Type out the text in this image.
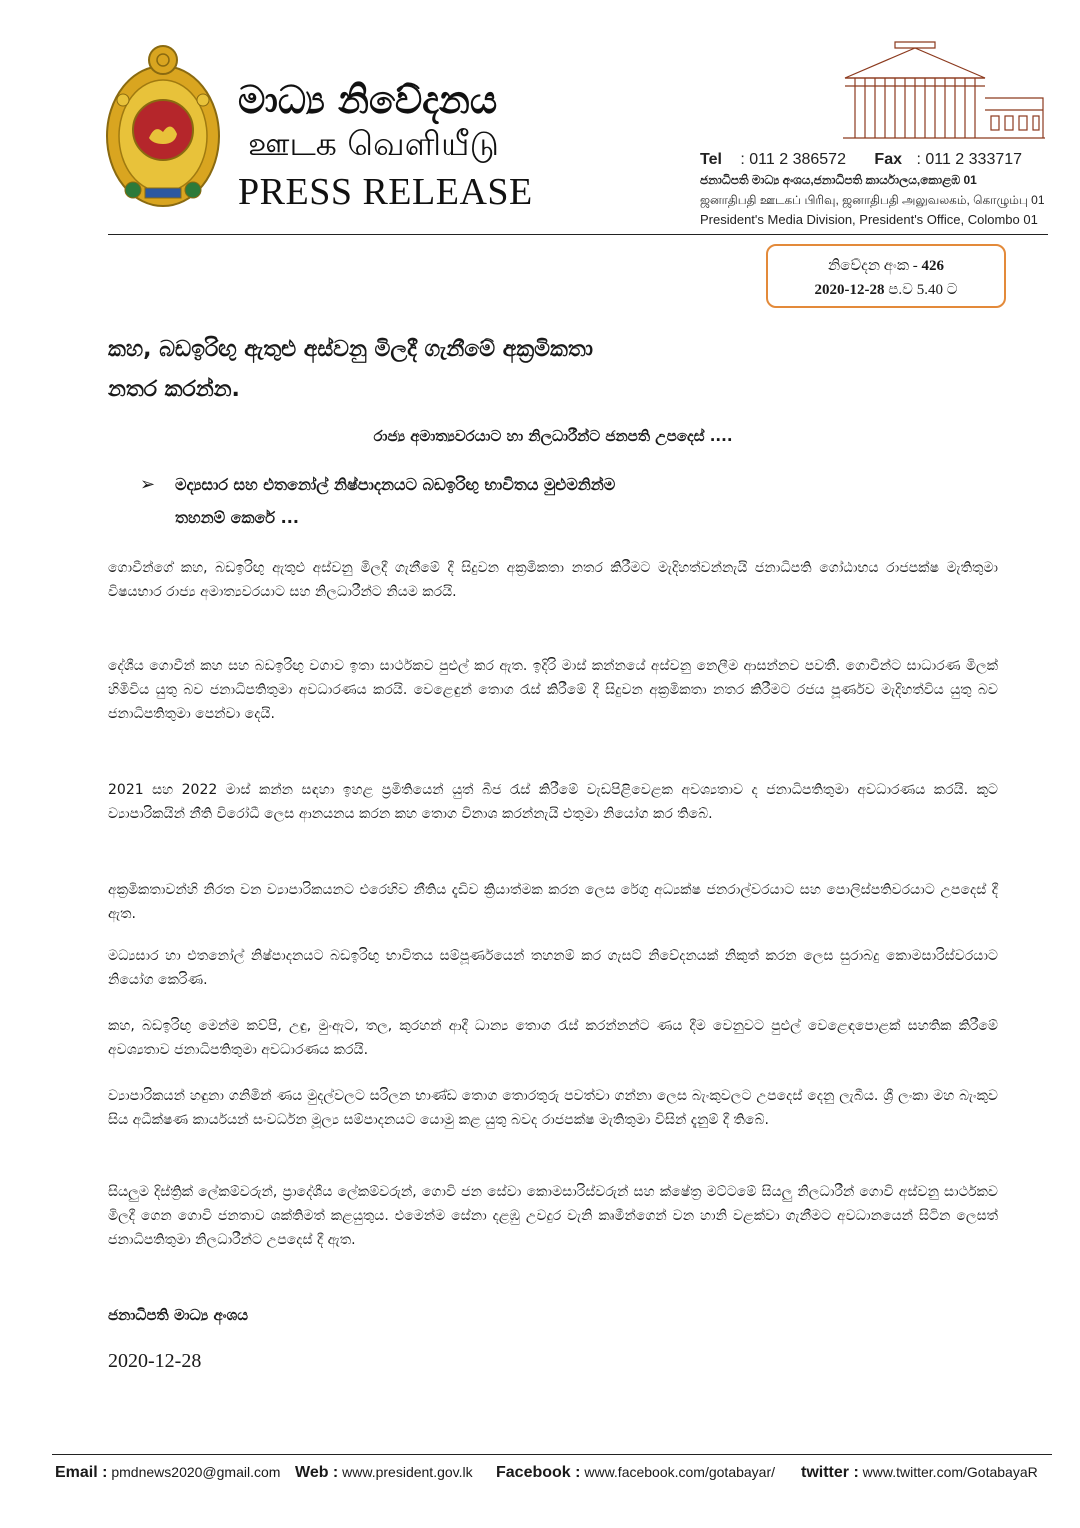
මාධ්‍ය නිවේදනය
ஊடக வெளியீடு
PRESS RELEASE
Tel : 011 2 386572 Fax : 011 2 333717
ජනාධිපති මාධ්‍ය අංශය,ජනාධිපති කාර්යාලය,කොළඹ 01
ஜனாதிபதி ஊடகப் பிரிவு, ஜனாதிபதி அலுவலகம், கொழும்பு 01
President's Media Division, President's Office, Colombo 01
නිවේදන අංක - 426
2020-12-28 ප.ව 5.40 ට
කහ, බඩඉරිඟු ඇතුළු අස්වනු මිලදී ගැනීමේ අක්‍රමිකතා
නතර කරන්න.
රාජ්‍ය අමාත්‍යවරයාට හා නිලධාරීන්ට ජනපති උපදෙස් ....
➢ මද්‍යසාර සහ එතනෝල් නිෂ්පාදනයට බඩඉරිඟු භාවිතය මුළුමනින්ම
තහනම් කෙරේ ...
ගොවීන්ගේ කහ, බඩඉරිඟු ඇතුළු අස්වනු මිලදී ගැනීමේ දී සිදුවන අක්‍රමිකතා නතර කිරීමට මැදිහත්වන්නැයි ජනාධිපති ගෝඨාභය රාජපක්ෂ මැතිතුමා විෂයභාර රාජ්‍ය අමාත්‍යවරයාට සහ නිලධාරීන්ට නියම කරයි.
දේශීය ගොවීන් කහ සහ බඩඉරිඟු වගාව ඉතා සාර්ථකව පුළුල් කර ඇත. ඉදිරි මාස් කන්නයේ අස්වනු නෙලීම ආසන්නව පවතී. ගොවීන්ට සාධාරණ මිලක් හිමිවිය යුතු බව ජනාධිපතිතුමා අවධාරණය කරයි. වෙළෙඳුන් තොග රැස් කිරීමේ දී සිදුවන අක්‍රමිකතා නතර කිරීමට රජය පූර්ණව මැදිහත්විය යුතු බව ජනාධිපතිතුමා පෙන්වා දෙයි.
2021 සහ 2022 මාස් කන්න සඳහා ඉහළ ප්‍රමිතියෙන් යුත් බීජ රැස් කිරීමේ වැඩපිළිවෙළක අවශ්‍යතාව ද ජනාධිපතිතුමා අවධාරණය කරයි. කුට ව්‍යාපාරිකයින් නීති විරෝධී ලෙස ආනයනය කරන කහ තොග විනාශ කරන්නැයි එතුමා නියෝග කර තිබේ.
අක්‍රමිකතාවන්හි නිරත වන ව්‍යාපාරිකයනට එරෙහිව නීතිය දැඩිව ක්‍රියාත්මක කරන ලෙස රේගු අධ්‍යක්ෂ ජනරාල්වරයාට සහ පොලිස්පතිවරයාට උපදෙස් දී ඇත.
මධ්‍යසාර හා එතනෝල් නිෂ්පාදනයට බඩඉරිඟු භාවිතය සම්පූර්ණයෙන් තහනම් කර ගැසට් නිවේදනයක් නිකුත් කරන ලෙස සුරාබදු කොමසාරිස්වරයාට නියෝග කෙරිණ.
කහ, බඩඉරිඟු මෙන්ම කව්පි, උඳු, මුංඇට, තල, කුරහන් ආදී ධාන්‍ය තොග රැස් කරන්නන්ට ණය දීම වෙනුවට පුළුල් වෙළෙඳපොළක් සහතික කිරීමේ අවශ්‍යතාව ජනාධිපතිතුමා අවධාරණය කරයි.
ව්‍යාපාරිකයන් හඳුනා ගනිමින් ණය මුදල්වලට සරිලන භාණ්ඩ තොග තොරතුරු පවත්වා ගන්නා ලෙස බැංකුවලට උපදෙස් දෙනු ලැබීය. ශ්‍රී ලංකා මහ බැංකුව සිය අධීක්ෂණ කාර්යයන් සංවර්ධන මූල්‍ය සම්පාදනයට යොමු කළ යුතු බවද රාජපක්ෂ මැතිතුමා විසින් දැනුම් දී තිබේ.
සියලුම දිස්ත්‍රික් ලේකම්වරුන්, ප්‍රාදේශීය ලේකම්වරුන්, ගොවි ජන සේවා කොමසාරිස්වරුන් සහ ක්ෂේත්‍ර මට්ටමේ සියලු නිලධාරීන් ගොවි අස්වනු සාර්ථකව මිලදී ගෙන ගොවි ජනතාව ශක්තිමත් කළයුතුය. එමෙන්ම සේනා දළඹු උවදුර වැනි කෘමීන්ගෙන් වන හානි වළක්වා ගැනීමට අවධානයෙන් සිටින ලෙසත් ජනාධිපතිතුමා නිලධාරීන්ට උපදෙස් දී ඇත.
ජනාධිපති මාධ්‍ය අංශය
2020-12-28
Email : pmdnews2020@gmail.com Web : www.president.gov.lk Facebook : www.facebook.com/gotabayar/ twitter : www.twitter.com/GotabayaR
